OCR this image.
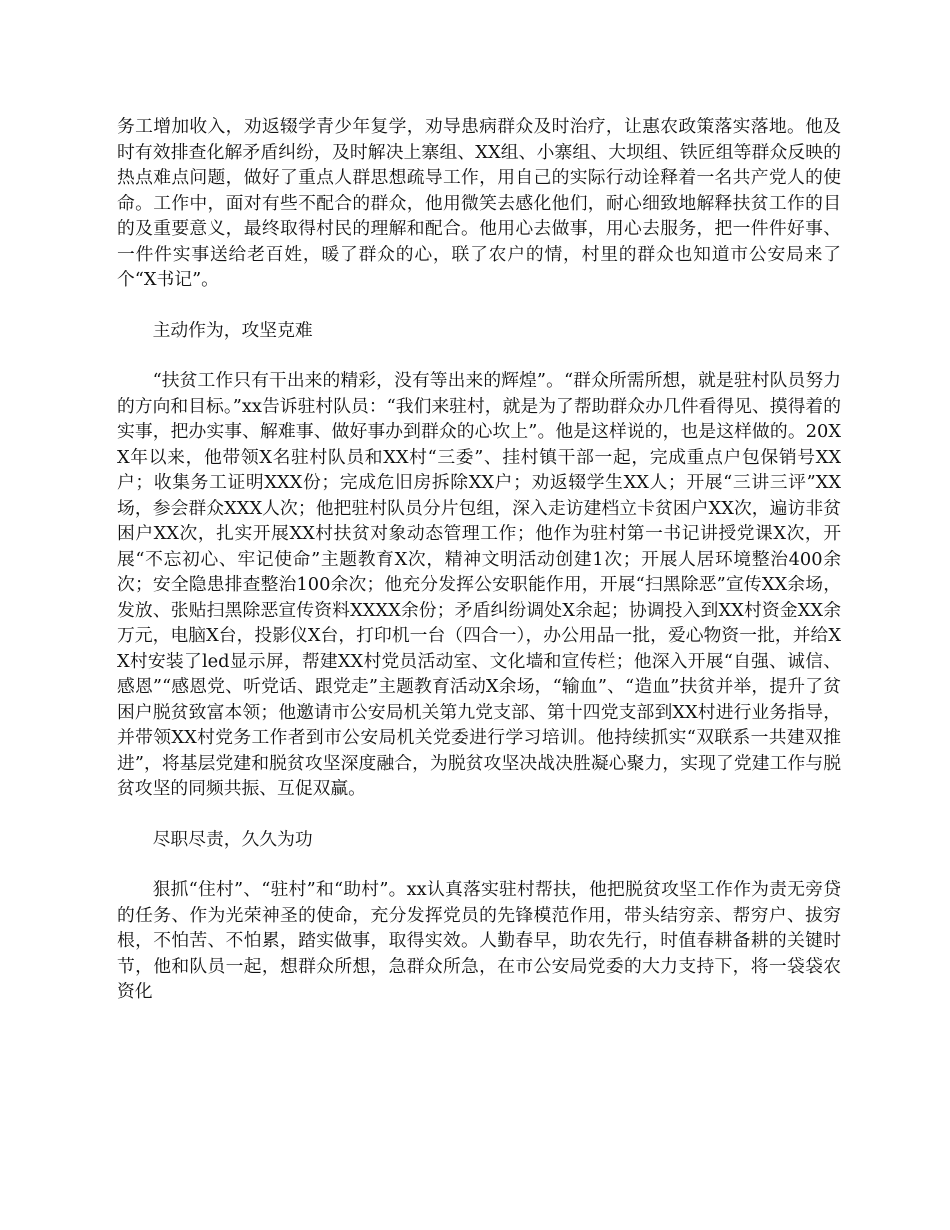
务工增加收入，劝返辍学青少年复学，劝导患病群众及时治疗，让惠农政策落实落地。他及时有效排查化解矛盾纠纷，及时解决上寨组、XX组、小寨组、大坝组、铁匠组等群众反映的热点难点问题，做好了重点人群思想疏导工作，用自己的实际行动诠释着一名共产党人的使命。工作中，面对有些不配合的群众，他用微笑去感化他们，耐心细致地解释扶贫工作的目的及重要意义，最终取得村民的理解和配合。他用心去做事，用心去服务，把一件件好事、一件件实事送给老百姓，暖了群众的心，联了农户的情，村里的群众也知道市公安局来了个“X书记”。

主动作为，攻坚克难

“扶贫工作只有干出来的精彩，没有等出来的辉煌”。“群众所需所想，就是驻村队员努力的方向和目标。”xx告诉驻村队员：“我们来驻村，就是为了帮助群众办几件看得见、摸得着的实事，把办实事、解难事、做好事办到群众的心坎上”。他是这样说的，也是这样做的。20XX年以来，他带领X名驻村队员和XX村“三委”、挂村镇干部一起，完成重点户包保销号XX户；收集务工证明XXX份；完成危旧房拆除XX户；劝返辍学生XX人；开展“三讲三评”XX场，参会群众XXX人次；他把驻村队员分片包组，深入走访建档立卡贫困户XX次，遍访非贫困户XX次，扎实开展XX村扶贫对象动态管理工作；他作为驻村第一书记讲授党课X次，开展“不忘初心、牢记使命”主题教育X次，精神文明活动创建1次；开展人居环境整治400余次；安全隐患排查整治100余次；他充分发挥公安职能作用，开展“扫黑除恶”宣传XX余场，发放、张贴扫黑除恶宣传资料XXXX余份；矛盾纠纷调处X余起；协调投入到XX村资金XX余万元，电脑X台，投影仪X台，打印机一台（四合一），办公用品一批，爱心物资一批，并给XX村安装了led显示屏，帮建XX村党员活动室、文化墙和宣传栏；他深入开展“自强、诚信、感恩”“感恩党、听党话、跟党走”主题教育活动X余场，“输血”、“造血”扶贫并举，提升了贫困户脱贫致富本领；他邀请市公安局机关第九党支部、第十四党支部到XX村进行业务指导，并带领XX村党务工作者到市公安局机关党委进行学习培训。他持续抓实“双联系一共建双推进”，将基层党建和脱贫攻坚深度融合，为脱贫攻坚决战决胜凝心聚力，实现了党建工作与脱贫攻坚的同频共振、互促双赢。

尽职尽责，久久为功

狠抓“住村”、“驻村”和“助村”。xx认真落实驻村帮扶，他把脱贫攻坚工作作为责无旁贷的任务、作为光荣神圣的使命，充分发挥党员的先锋模范作用，带头结穷亲、帮穷户、拔穷根，不怕苦、不怕累，踏实做事，取得实效。人勤春早，助农先行，时值春耕备耕的关键时节，他和队员一起，想群众所想，急群众所急，在市公安局党委的大力支持下，将一袋袋农资化
